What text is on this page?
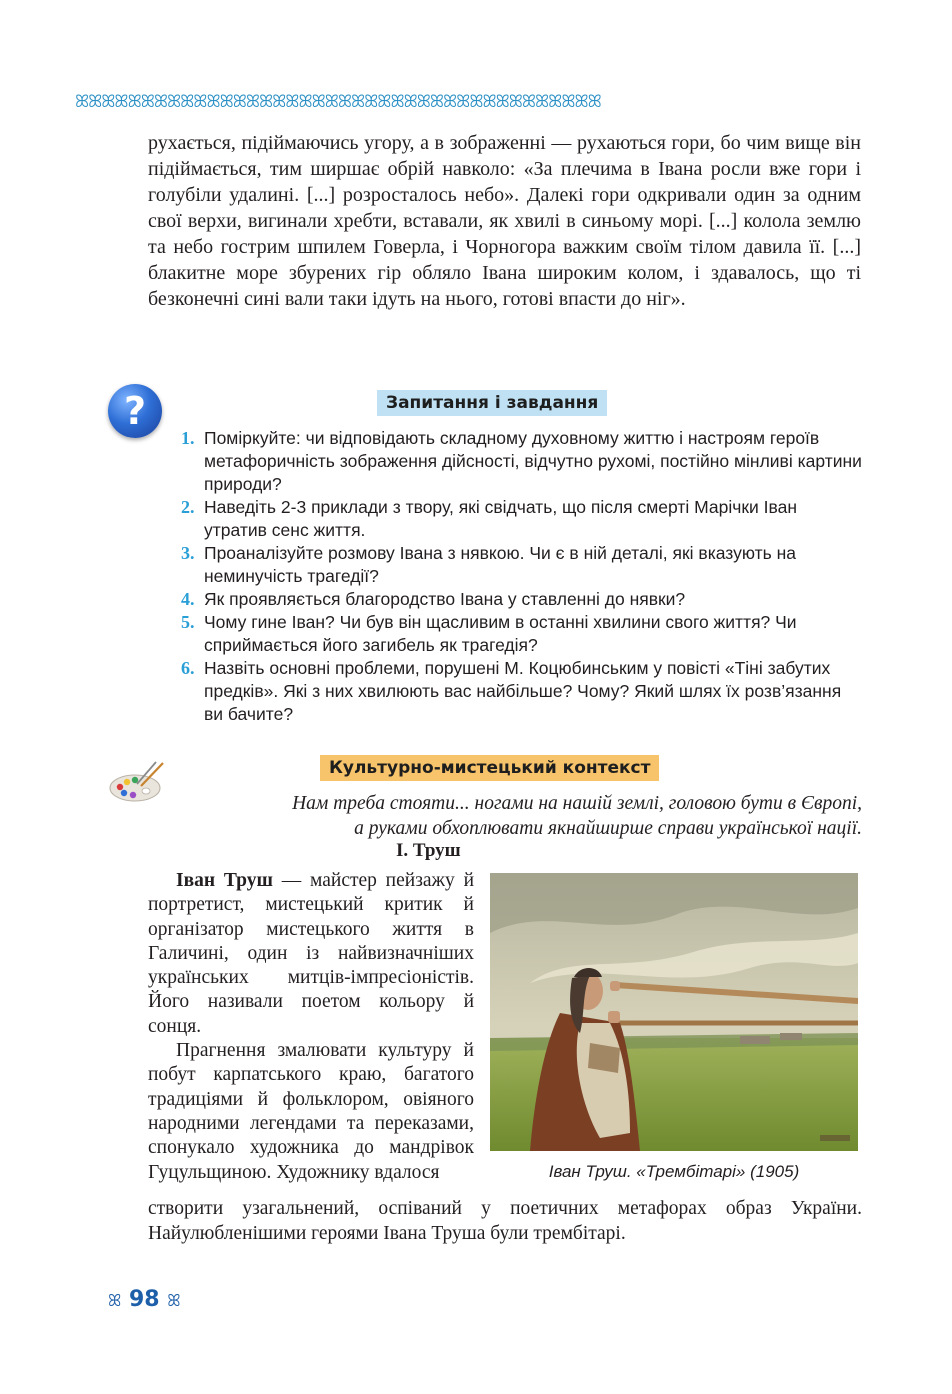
ꕤꕤꕤꕤꕤꕤꕤꕤꕤꕤꕤꕤꕤꕤꕤꕤꕤꕤꕤꕤꕤꕤꕤꕤꕤꕤꕤꕤꕤꕤꕤꕤꕤꕤꕤꕤꕤꕤꕤꕤ

рухається, підіймаючись угору, а в зображенні — рухаються гори, бо чим вище він підіймається, тим ширшає обрій навколо: «За плечима в Івана росли вже гори і голубіли удалині. [...] розросталось небо». Далекі гори одкривали один за одним свої верхи, вигинали хребти, вставали, як хвилі в синьому морі. [...] колола землю та небо гострим шпилем Говерла, і Чорногора важким своїм тілом давила її. [...] блакитне море збурених гір обляло Івана широким колом, і здавалось, що ті безконечні сині вали таки ідуть на нього, готові впасти до ніг».

?	Запитання і завдання
1. Поміркуйте: чи відповідають складному духовному життю і настроям героїв метафоричність зображення дійсності, відчутно рухомі, постійно мінливі картини природи?
2. Наведіть 2-3 приклади з твору, які свідчать, що після смерті Марічки Іван утратив сенс життя.
3. Проаналізуйте розмову Івана з нявкою. Чи є в ній деталі, які вказують на неминучість трагедії?
4. Як проявляється благородство Івана у ставленні до нявки?
5. Чому гине Іван? Чи був він щасливим в останні хвилини свого життя? Чи сприймається його загибель як трагедія?
6. Назвіть основні проблеми, порушені М. Коцюбинським у повісті «Тіні забутих предків». Які з них хвилюють вас найбільше? Чому? Який шлях їх розв’язання ви бачите?
Культурно-мистецький контекст

Нам треба стояти... ногами на нашій землі, головою бути в Європі,

а руками обхоплювати якнайширше справи української нації.

І. Труш

Іван Труш — майстер пейзажу й портретист, мистецький критик й організатор мистецького життя в Галичині, один із найвизначніших українських митців-імпресіоністів. Його називали поетом кольору й сонця.

Прагнення змалювати культуру й побут карпатського краю, багатого традиціями й фольклором, овіяного народними легендами та переказами, спонукало художника до мандрівок Гуцульщиною. Художнику вдалося	Іван Труш. «Трембітарі» (1905)

створити узагальнений, оспіваний у поетичних метафорах образ України. Найулюбленішими героями Івана Труша були трембітарі.

ꕤ 98 ꕤ
